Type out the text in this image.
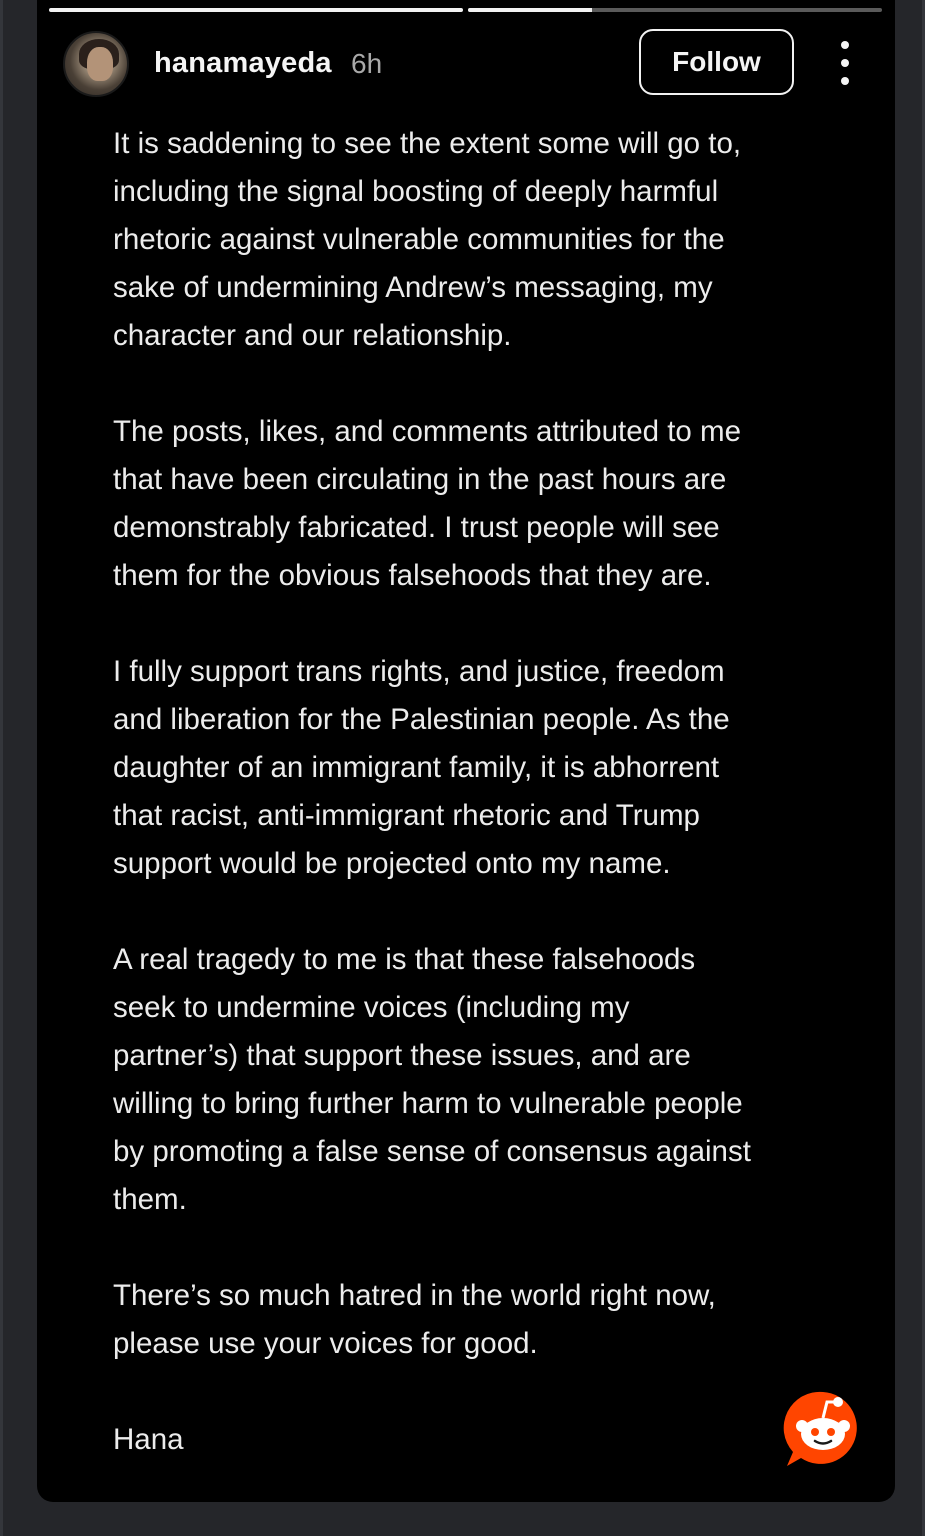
hanamayeda 6h	Follow

It is saddening to see the extent some will go to,
including the signal boosting of deeply harmful
rhetoric against vulnerable communities for the
sake of undermining Andrew’s messaging, my
character and our relationship.

The posts, likes, and comments attributed to me
that have been circulating in the past hours are
demonstrably fabricated. I trust people will see
them for the obvious falsehoods that they are.

I fully support trans rights, and justice, freedom
and liberation for the Palestinian people. As the
daughter of an immigrant family, it is abhorrent
that racist, anti-immigrant rhetoric and Trump
support would be projected onto my name.

A real tragedy to me is that these falsehoods
seek to undermine voices (including my
partner’s) that support these issues, and are
willing to bring further harm to vulnerable people
by promoting a false sense of consensus against
them.

There’s so much hatred in the world right now,
please use your voices for good.

Hana
